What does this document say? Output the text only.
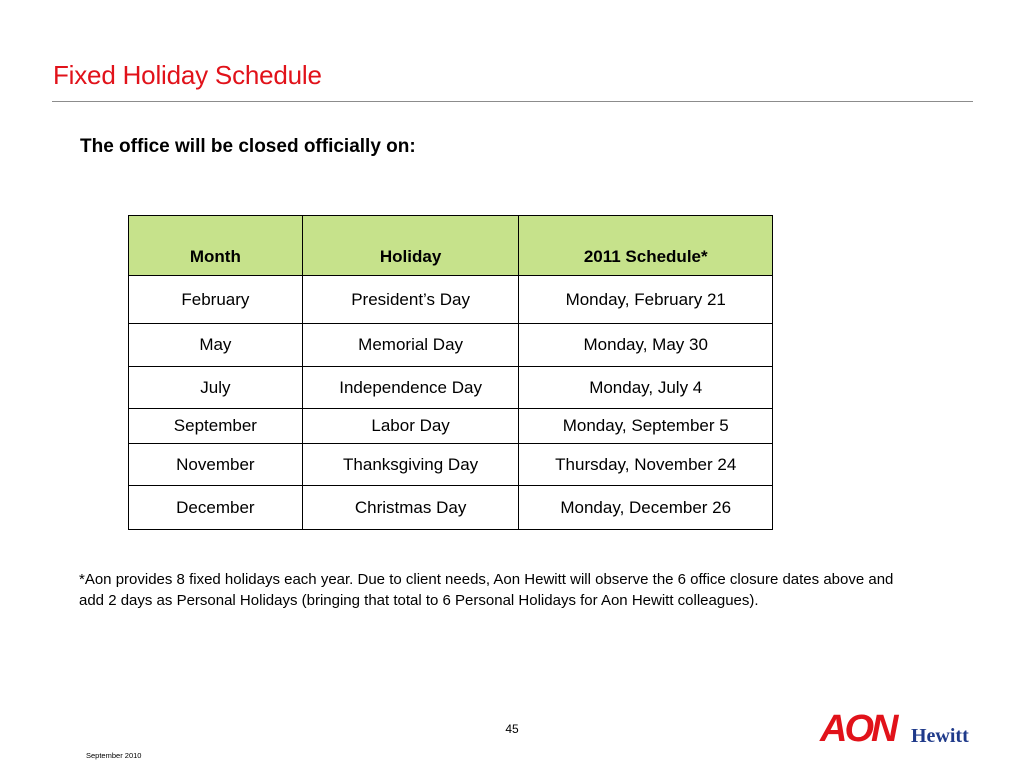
Fixed Holiday Schedule
The office will be closed officially on:
Month	Holiday	2011 Schedule*
February	President’s Day	Monday, February 21
May	Memorial Day	Monday, May 30
July	Independence Day	Monday, July 4
September	Labor Day	Monday, September 5
November	Thanksgiving Day	Thursday, November 24
December	Christmas Day	Monday, December 26
*Aon provides 8 fixed holidays each year. Due to client needs, Aon Hewitt will observe the 6 office closure dates above and add 2 days as Personal Holidays (bringing that total to 6 Personal Holidays for Aon Hewitt colleagues).
45
September 2010
AON Hewitt
